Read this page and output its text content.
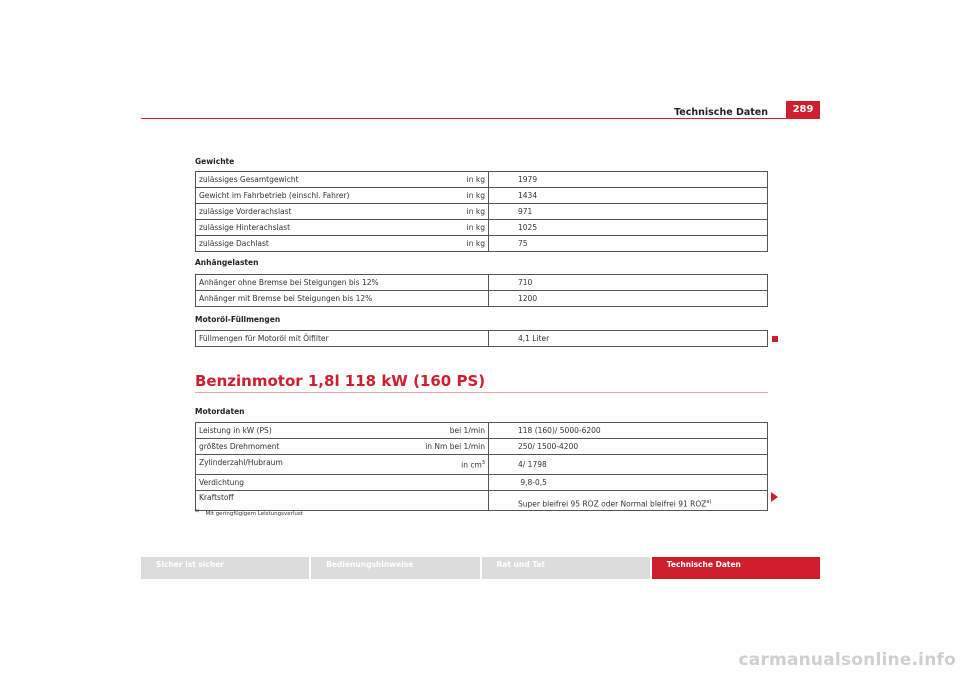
Technische Daten	289
Gewichte
zulässiges Gesamtgewicht	in kg	1979
Gewicht im Fahrbetrieb (einschl. Fahrer)	in kg	1434
zulässige Vorderachslast	in kg	971
zulässige Hinterachslast	in kg	1025
zulässige Dachlast	in kg	75
Anhängelasten
Anhänger ohne Bremse bei Steigungen bis 12%		710
Anhänger mit Bremse bei Steigungen bis 12%		1200
Motoröl-Füllmengen
Füllmengen für Motoröl mit Ölfilter		4,1 Liter
Benzinmotor 1,8l 118 kW (160 PS)
Motordaten
Leistung in kW (PS)	bei 1/min	118 (160)/ 5000-6200
größtes Drehmoment	in Nm bei 1/min	250/ 1500-4200
Zylinderzahl/Hubraum	in $cm^3$	4/ 1798
Verdichtung		9,8-0,5
Kraftstoff		Super bleifrei 95 ROZ oder Normal bleifrei 91 ROZ$^{a)}$
$^{a)}$ Mit geringfügigem Leistungsverlust
Sicher ist sicher	Bedienungshinweise	Rat und Tat	Technische Daten
carmanualsonline.info
